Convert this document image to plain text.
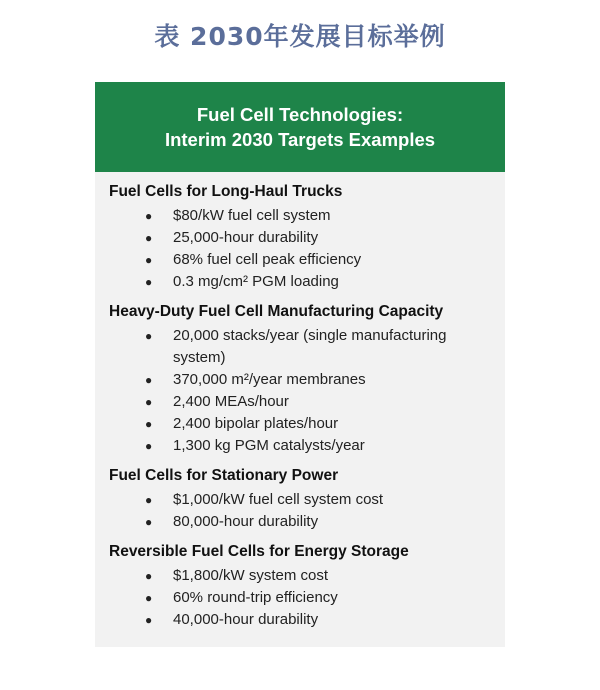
表 2030年发展目标举例
Fuel Cell Technologies:
Interim 2030 Targets Examples
Fuel Cells for Long-Haul Trucks
● $80/kW fuel cell system
● 25,000-hour durability
● 68% fuel cell peak efficiency
● 0.3 mg/cm² PGM loading
Heavy-Duty Fuel Cell Manufacturing Capacity
● 20,000 stacks/year (single manufacturing system)
● 370,000 m²/year membranes
● 2,400 MEAs/hour
● 2,400 bipolar plates/hour
● 1,300 kg PGM catalysts/year
Fuel Cells for Stationary Power
● $1,000/kW fuel cell system cost
● 80,000-hour durability
Reversible Fuel Cells for Energy Storage
● $1,800/kW system cost
● 60% round-trip efficiency
● 40,000-hour durability
